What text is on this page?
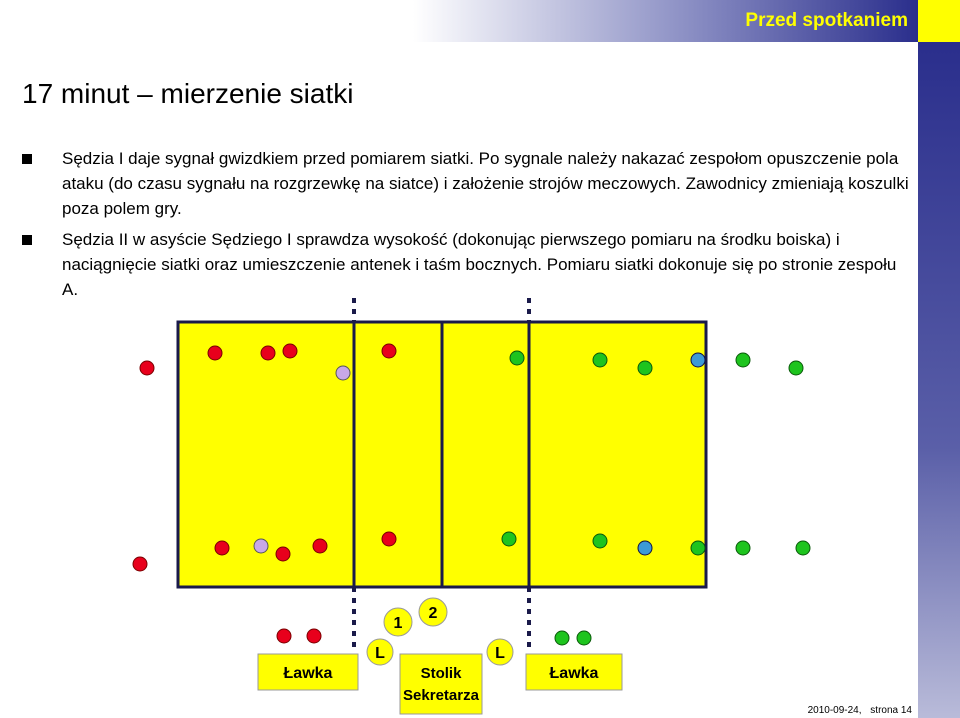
Przed spotkaniem
17 minut – mierzenie siatki

Sędzia I daje sygnał gwizdkiem przed pomiarem siatki. Po sygnale należy nakazać zespołom opuszczenie pola ataku (do czasu sygnału na rozgrzewkę na siatce) i założenie strojów meczowych. Zawodnicy zmieniają koszulki poza polem gry.

Sędzia II w asyście Sędziego I sprawdza wysokość (dokonując pierwszego pomiaru na środku boiska) i naciągnięcie siatki oraz umieszczenie antenek i taśm bocznych. Pomiaru siatki dokonuje się po stronie zespołu A.

Ławka	Ławka
Stolik
Sekretarza
1
2
L	L
2010-09-24, strona 14
